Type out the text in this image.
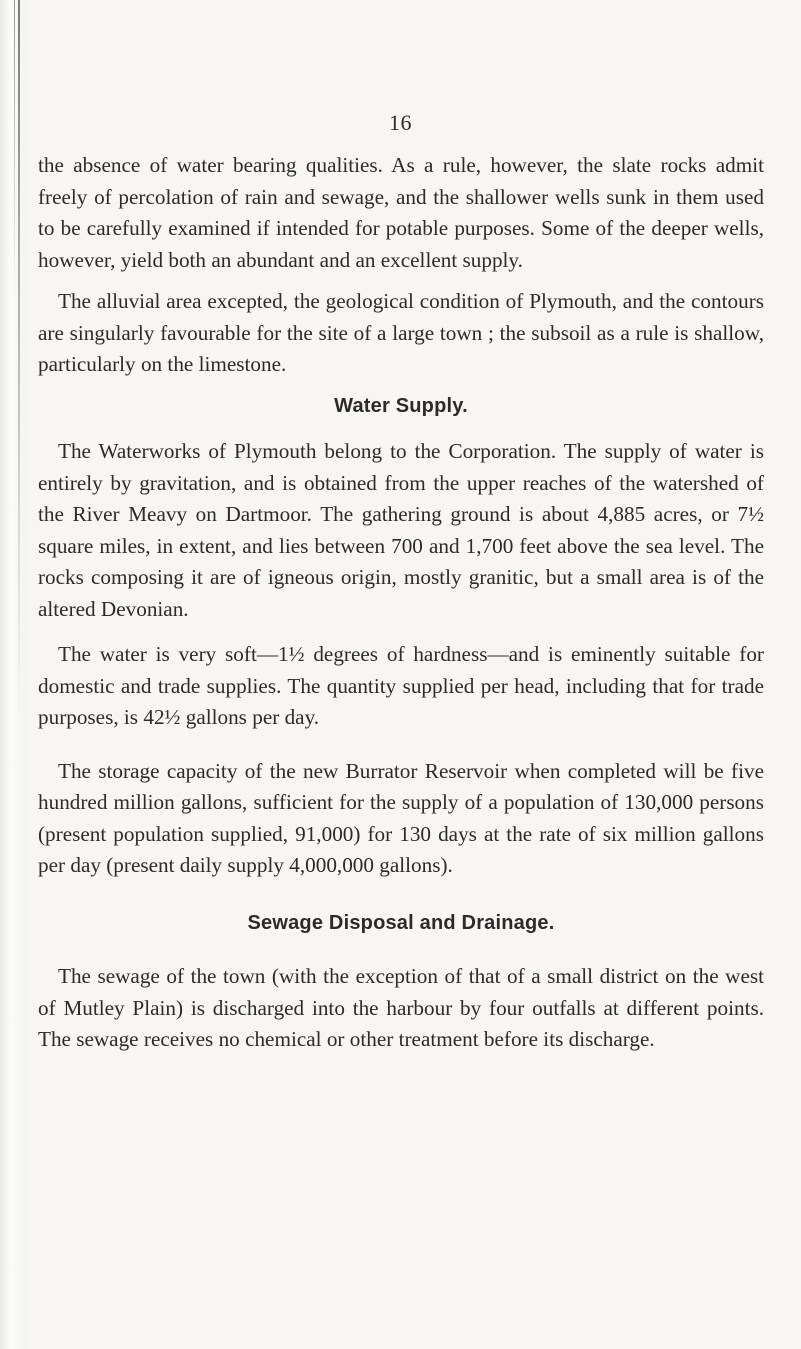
16

the absence of water bearing qualities. As a rule, however, the slate rocks admit freely of percolation of rain and sewage, and the shallower wells sunk in them used to be carefully examined if intended for potable purposes. Some of the deeper wells, however, yield both an abundant and an excellent supply.

The alluvial area excepted, the geological condition of Plymouth, and the contours are singularly favourable for the site of a large town ; the subsoil as a rule is shallow, particularly on the limestone.

Water Supply.

The Waterworks of Plymouth belong to the Corporation. The supply of water is entirely by gravitation, and is obtained from the upper reaches of the watershed of the River Meavy on Dartmoor. The gathering ground is about 4,885 acres, or 7½ square miles, in extent, and lies between 700 and 1,700 feet above the sea level. The rocks composing it are of igneous origin, mostly granitic, but a small area is of the altered Devonian.

The water is very soft—1½ degrees of hardness—and is eminently suitable for domestic and trade supplies. The quantity supplied per head, including that for trade purposes, is 42½ gallons per day.

The storage capacity of the new Burrator Reservoir when completed will be five hundred million gallons, sufficient for the supply of a population of 130,000 persons (present population supplied, 91,000) for 130 days at the rate of six million gallons per day (present daily supply 4,000,000 gallons).

Sewage Disposal and Drainage.

The sewage of the town (with the exception of that of a small district on the west of Mutley Plain) is discharged into the harbour by four outfalls at different points. The sewage receives no chemical or other treatment before its discharge.
